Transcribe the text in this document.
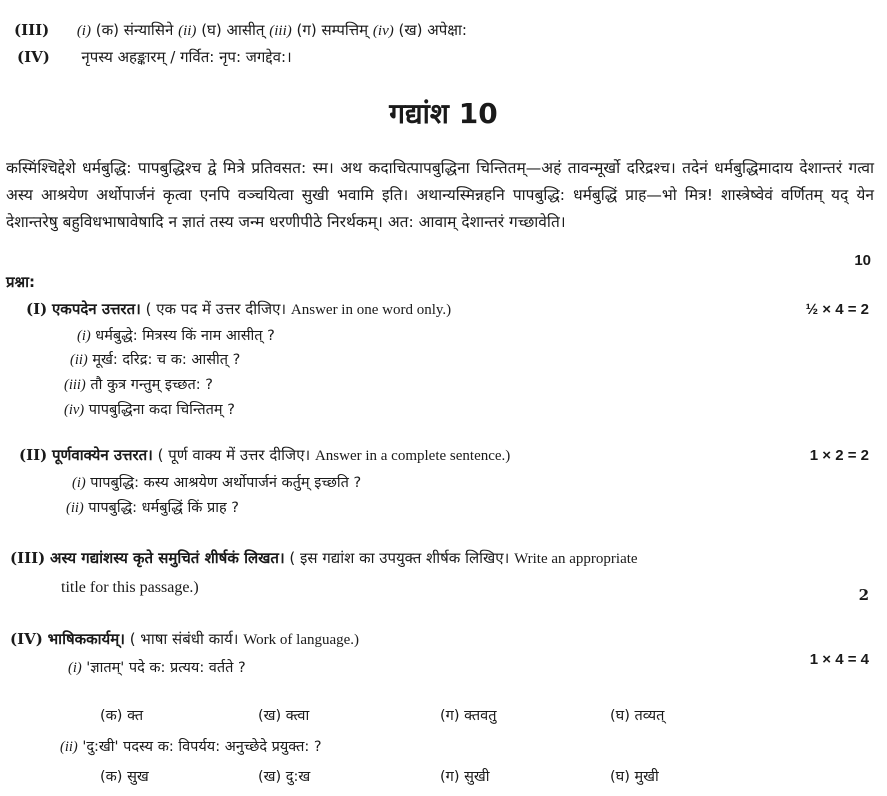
(III) (i) (क) संन्यासिने (ii) (घ) आसीत् (iii) (ग) सम्पत्तिम् (iv) (ख) अपेक्षा:
(IV) नृपस्य अहङ्कारम् / गर्वित: नृप: जगद्देव:।
गद्यांश 10
कस्मिंश्चिद्देशे धर्मबुद्धि: पापबुद्धिश्च द्वे मित्रे प्रतिवसत: स्म। अथ कदाचित्पापबुद्धिना चिन्तितम्—अहं तावन्मूर्खो दरिद्रश्च। तदेनं धर्मबुद्धिमादाय देशान्तरं गत्वा अस्य आश्रयेण अर्थोपार्जनं कृत्वा एनपि वञ्चयित्वा सुखी भवामि इति। अथान्यस्मिन्नहनि पापबुद्धि: धर्मबुद्धिं प्राह—भो मित्र! शास्त्रेष्वेवं वर्णितम् यद् येन देशान्तरेषु बहुविधभाषावेषादि न ज्ञातं तस्य जन्म धरणीपीठे निरर्थकम्। अत: आवाम् देशान्तरं गच्छावेति।
10
प्रश्ना:
(I) एकपदेन उत्तरत। ( एक पद में उत्तर दीजिए। Answer in one word only.)	½ × 4 = 2
(i) धर्मबुद्धे: मित्रस्य किं नाम आसीत् ?
(ii) मूर्ख: दरिद्र: च क: आसीत् ?
(iii) तौ कुत्र गन्तुम् इच्छत: ?
(iv) पापबुद्धिना कदा चिन्तितम् ?
(II) पूर्णवाक्येन उत्तरत। ( पूर्ण वाक्य में उत्तर दीजिए। Answer in a complete sentence.)	1 × 2 = 2
(i) पापबुद्धि: कस्य आश्रयेण अर्थोपार्जनं कर्तुम् इच्छति ?
(ii) पापबुद्धि: धर्मबुद्धिं किं प्राह ?
(III) अस्य गद्यांशस्य कृते समुचितं शीर्षकं लिखत। ( इस गद्यांश का उपयुक्त शीर्षक लिखिए। Write an appropriate
title for this passage.)	2
(IV) भाषिककार्यम्। ( भाषा संबंधी कार्य। Work of language.)
1 × 4 = 4
(i) 'ज्ञातम्' पदे क: प्रत्यय: वर्तते ?
(क) क्त	(ख) क्त्वा	(ग) क्तवतु	(घ) तव्यत्
(ii) 'दु:खी' पदस्य क: विपर्यय: अनुच्छेदे प्रयुक्त: ?
(क) सुख	(ख) दु:ख	(ग) सुखी	(घ) मुखी
